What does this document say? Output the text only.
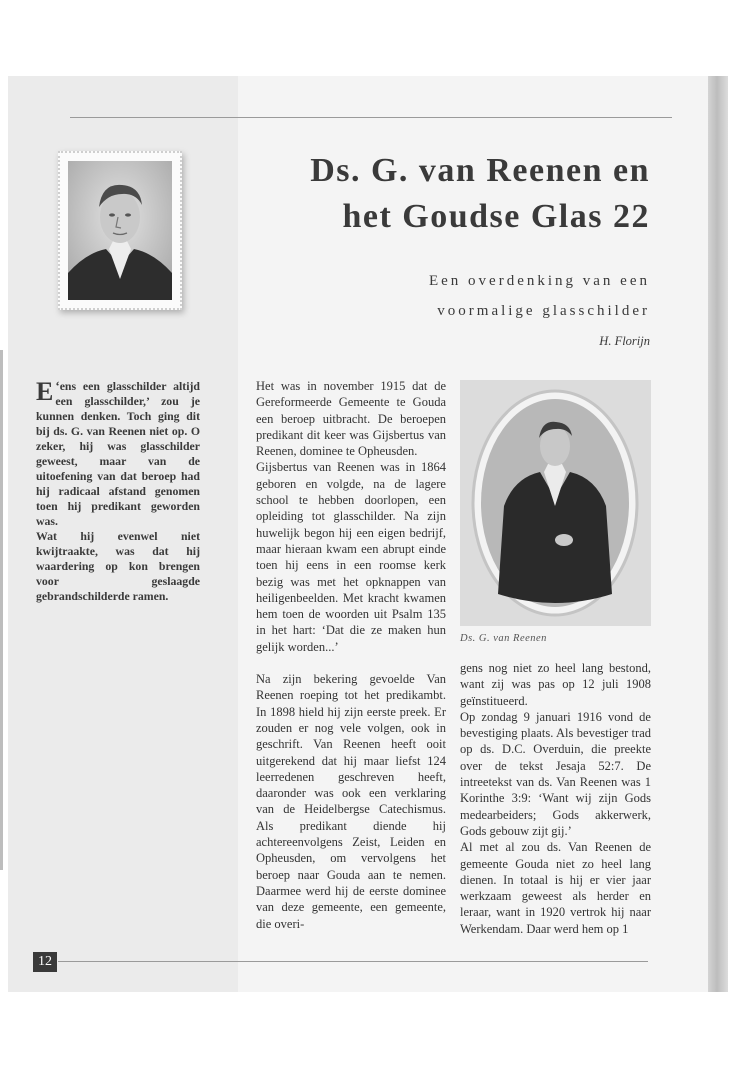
Ds. G. van Reenen en
het Goudse Glas 22
Een overdenking van een
voormalige glasschilder
H. Florijn
‘
E ens een glasschilder altijd een glasschilder,’ zou je kunnen denken. Toch ging dit bij ds. G. van Reenen niet op. O zeker, hij was glasschilder geweest, maar van de uitoefening van dat beroep had hij radicaal afstand genomen toen hij predikant geworden was.
Wat hij evenwel niet kwijtraakte, was dat hij waardering op kon brengen voor geslaagde gebrandschilderde ramen.

Het was in november 1915 dat de Gereformeerde Gemeente te Gouda een beroep uitbracht. De beroepen predikant dit keer was Gijsbertus van Reenen, dominee te Opheusden.

Gijsbertus van Reenen was in 1864 geboren en volgde, na de lagere school te hebben doorlopen, een opleiding tot glasschilder. Na zijn huwelijk begon hij een eigen bedrijf, maar hieraan kwam een abrupt einde toen hij eens in een roomse kerk bezig was met het opknappen van heiligenbeelden. Met kracht kwamen hem toen de woorden uit Psalm 135 in het hart: ‘Dat die ze maken hun gelijk worden...’

Na zijn bekering gevoelde Van Reenen roeping tot het predikambt. In 1898 hield hij zijn eerste preek. Er zouden er nog vele volgen, ook in geschrift. Van Reenen heeft ooit uitgerekend dat hij maar liefst 124 leerredenen geschreven heeft, daaronder was ook een verklaring van de Heidelbergse Catechismus. Als predikant diende hij achtereenvolgens Zeist, Leiden en Opheusden, om vervolgens het beroep naar Gouda aan te nemen. Daarmee werd hij de eerste dominee van deze gemeente, een gemeente, die overi-

Ds. G. van Reenen

gens nog niet zo heel lang bestond, want zij was pas op 12 juli 1908 geïnstitueerd.

Op zondag 9 januari 1916 vond de bevestiging plaats. Als bevestiger trad op ds. D.C. Overduin, die preekte over de tekst Jesaja 52:7. De intreetekst van ds. Van Reenen was 1 Korinthe 3:9: ‘Want wij zijn Gods medearbeiders; Gods akkerwerk, Gods gebouw zijt gij.’

Al met al zou ds. Van Reenen de gemeente Gouda niet zo heel lang dienen. In totaal is hij er vier jaar werkzaam geweest als herder en leraar, want in 1920 vertrok hij naar Werkendam. Daar werd hem op 1

12
